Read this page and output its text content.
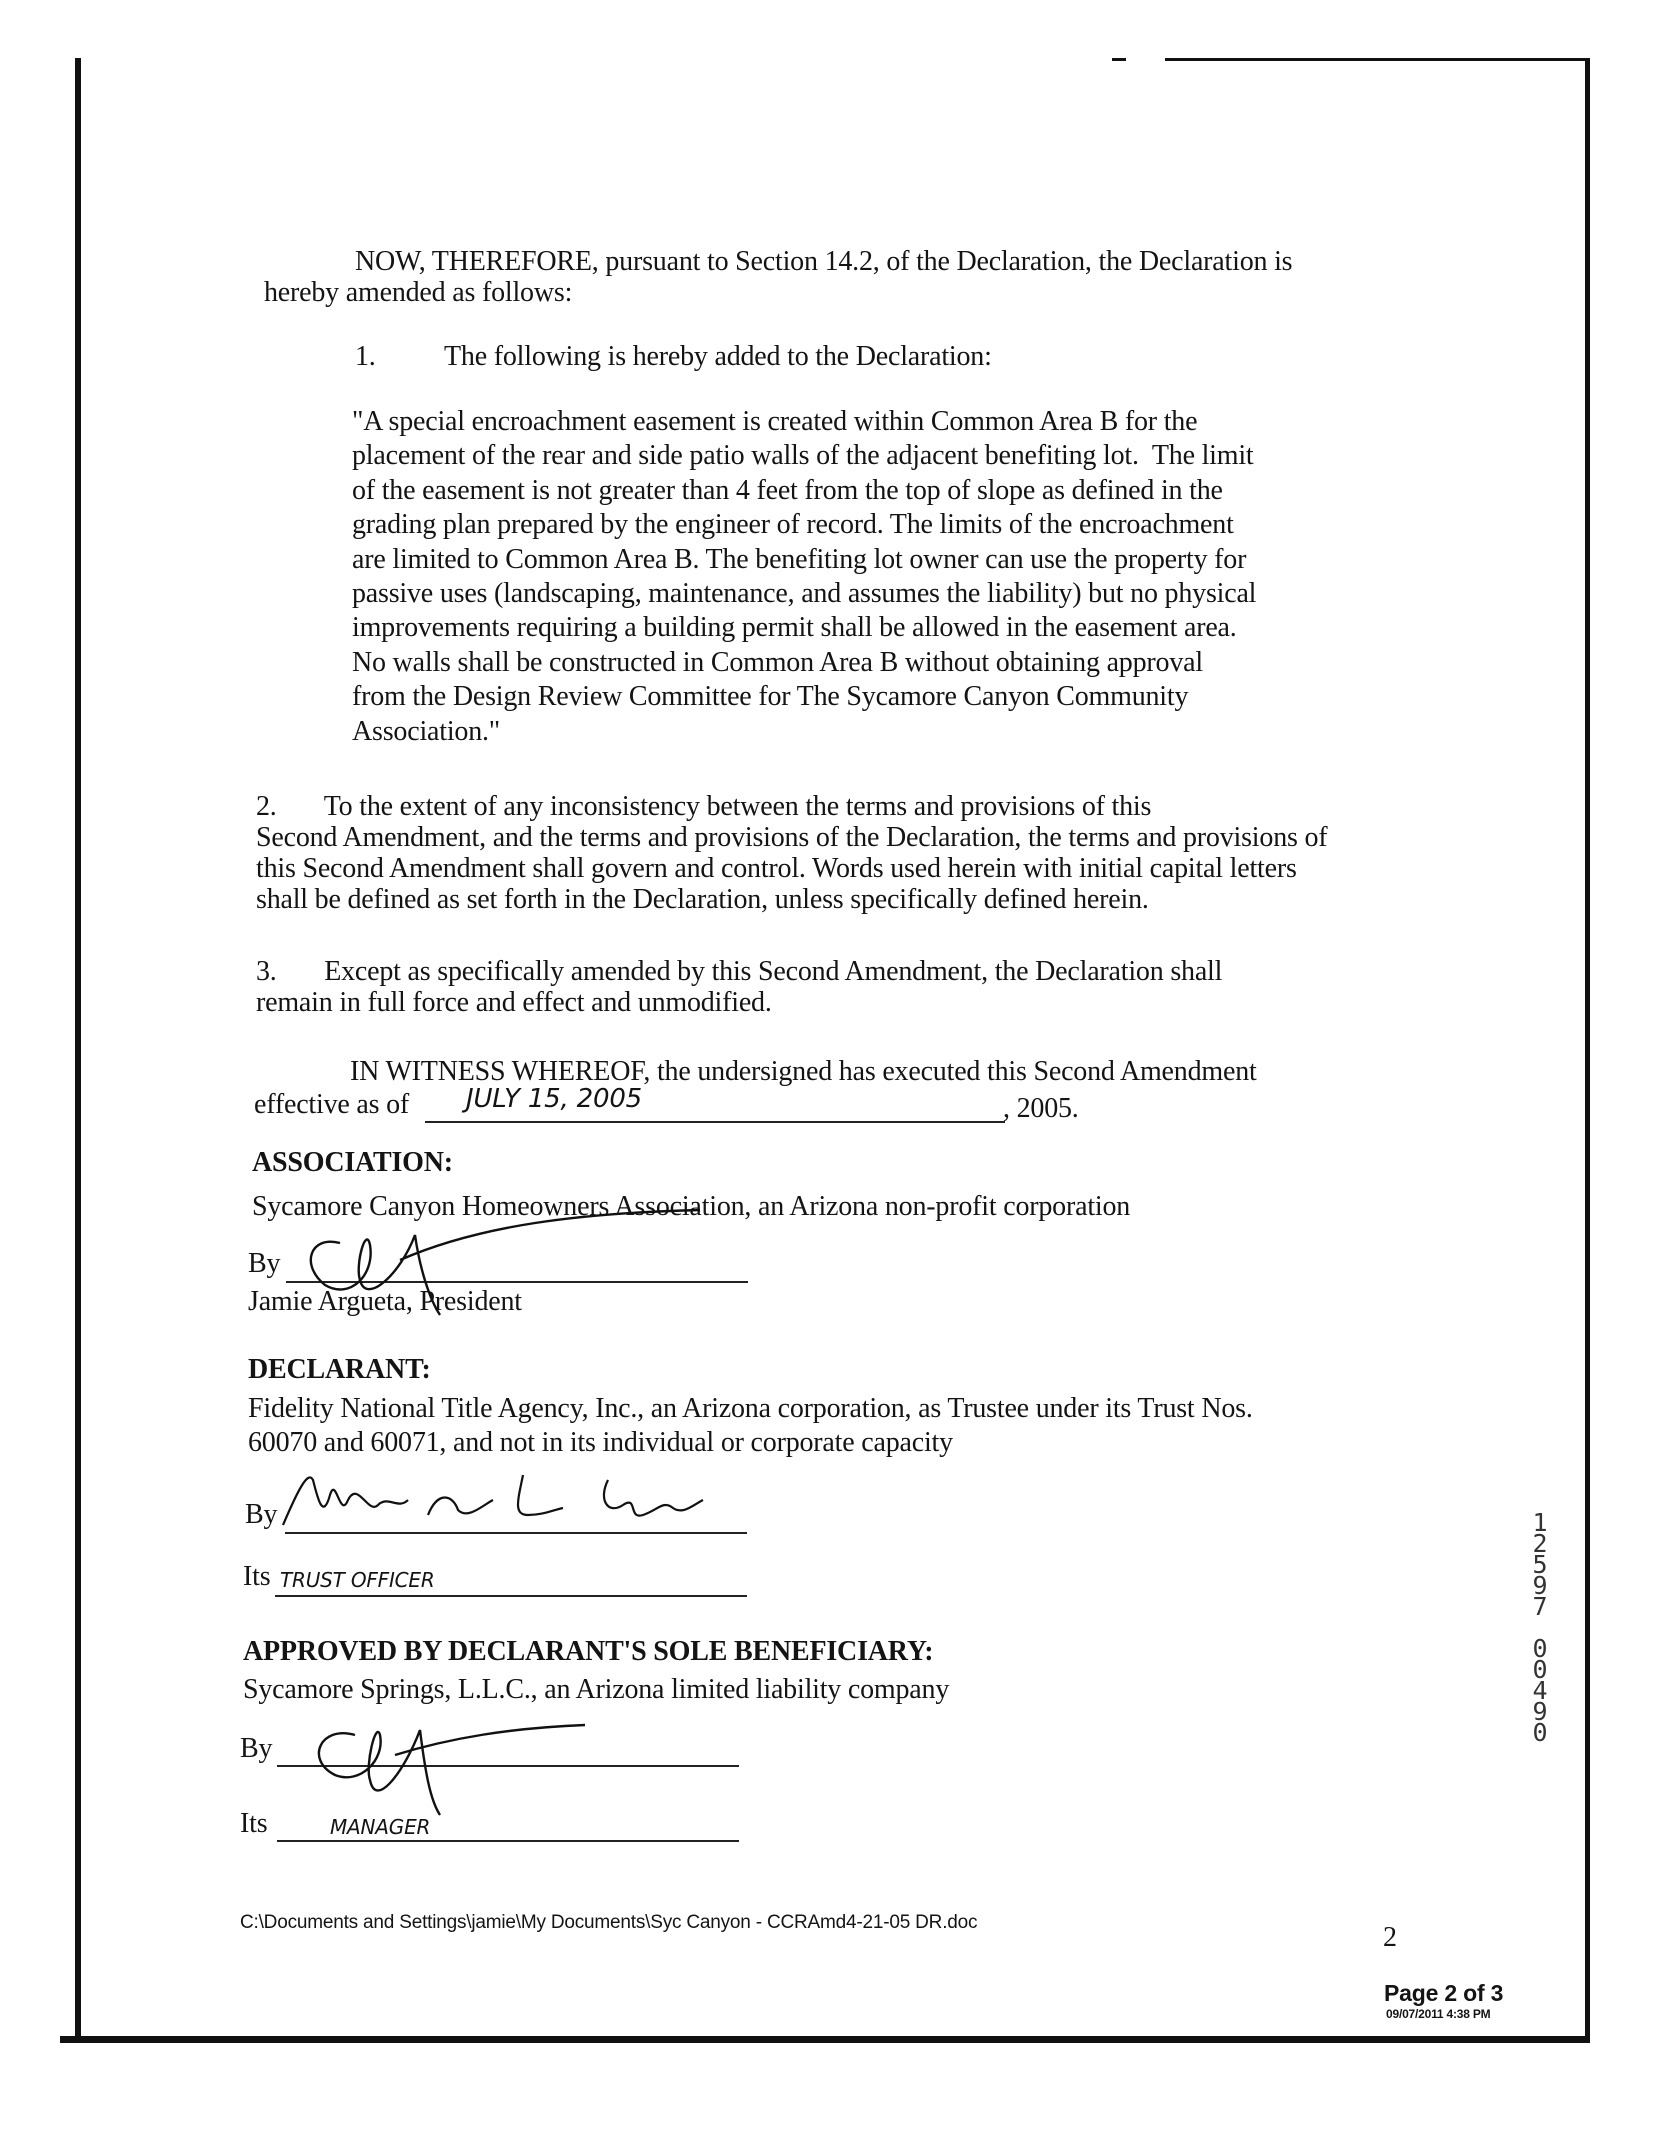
NOW, THEREFORE, pursuant to Section 14.2, of the Declaration, the Declaration is
hereby amended as follows:
1. The following is hereby added to the Declaration:
"A special encroachment easement is created within Common Area B for the
placement of the rear and side patio walls of the adjacent benefiting lot.  The limit
of the easement is not greater than 4 feet from the top of slope as defined in the
grading plan prepared by the engineer of record. The limits of the encroachment
are limited to Common Area B. The benefiting lot owner can use the property for
passive uses (landscaping, maintenance, and assumes the liability) but no physical
improvements requiring a building permit shall be allowed in the easement area.
No walls shall be constructed in Common Area B without obtaining approval
from the Design Review Committee for The Sycamore Canyon Community
Association."
2.       To the extent of any inconsistency between the terms and provisions of this
Second Amendment, and the terms and provisions of the Declaration, the terms and provisions of
this Second Amendment shall govern and control. Words used herein with initial capital letters
shall be defined as set forth in the Declaration, unless specifically defined herein.
3.       Except as specifically amended by this Second Amendment, the Declaration shall
remain in full force and effect and unmodified.
IN WITNESS WHEREOF, the undersigned has executed this Second Amendment
effective as of JULY 15, 2005	, 2005.
ASSOCIATION:
Sycamore Canyon Homeowners Association, an Arizona non-profit corporation
By
Jamie Argueta, President
DECLARANT:
Fidelity National Title Agency, Inc., an Arizona corporation, as Trustee under its Trust Nos.
60070 and 60071, and not in its individual or corporate capacity
By
Its TRUST OFFICER
APPROVED BY DECLARANT'S SOLE BENEFICIARY:
Sycamore Springs, L.L.C., an Arizona limited liability company
By
Its	MANAGER
1
2
5
9
7
0
0
4
9
0
C:\Documents and Settings\jamie\My Documents\Syc Canyon - CCRAmd4-21-05 DR.doc	2
Page 2 of 3
09/07/2011 4:38 PM
